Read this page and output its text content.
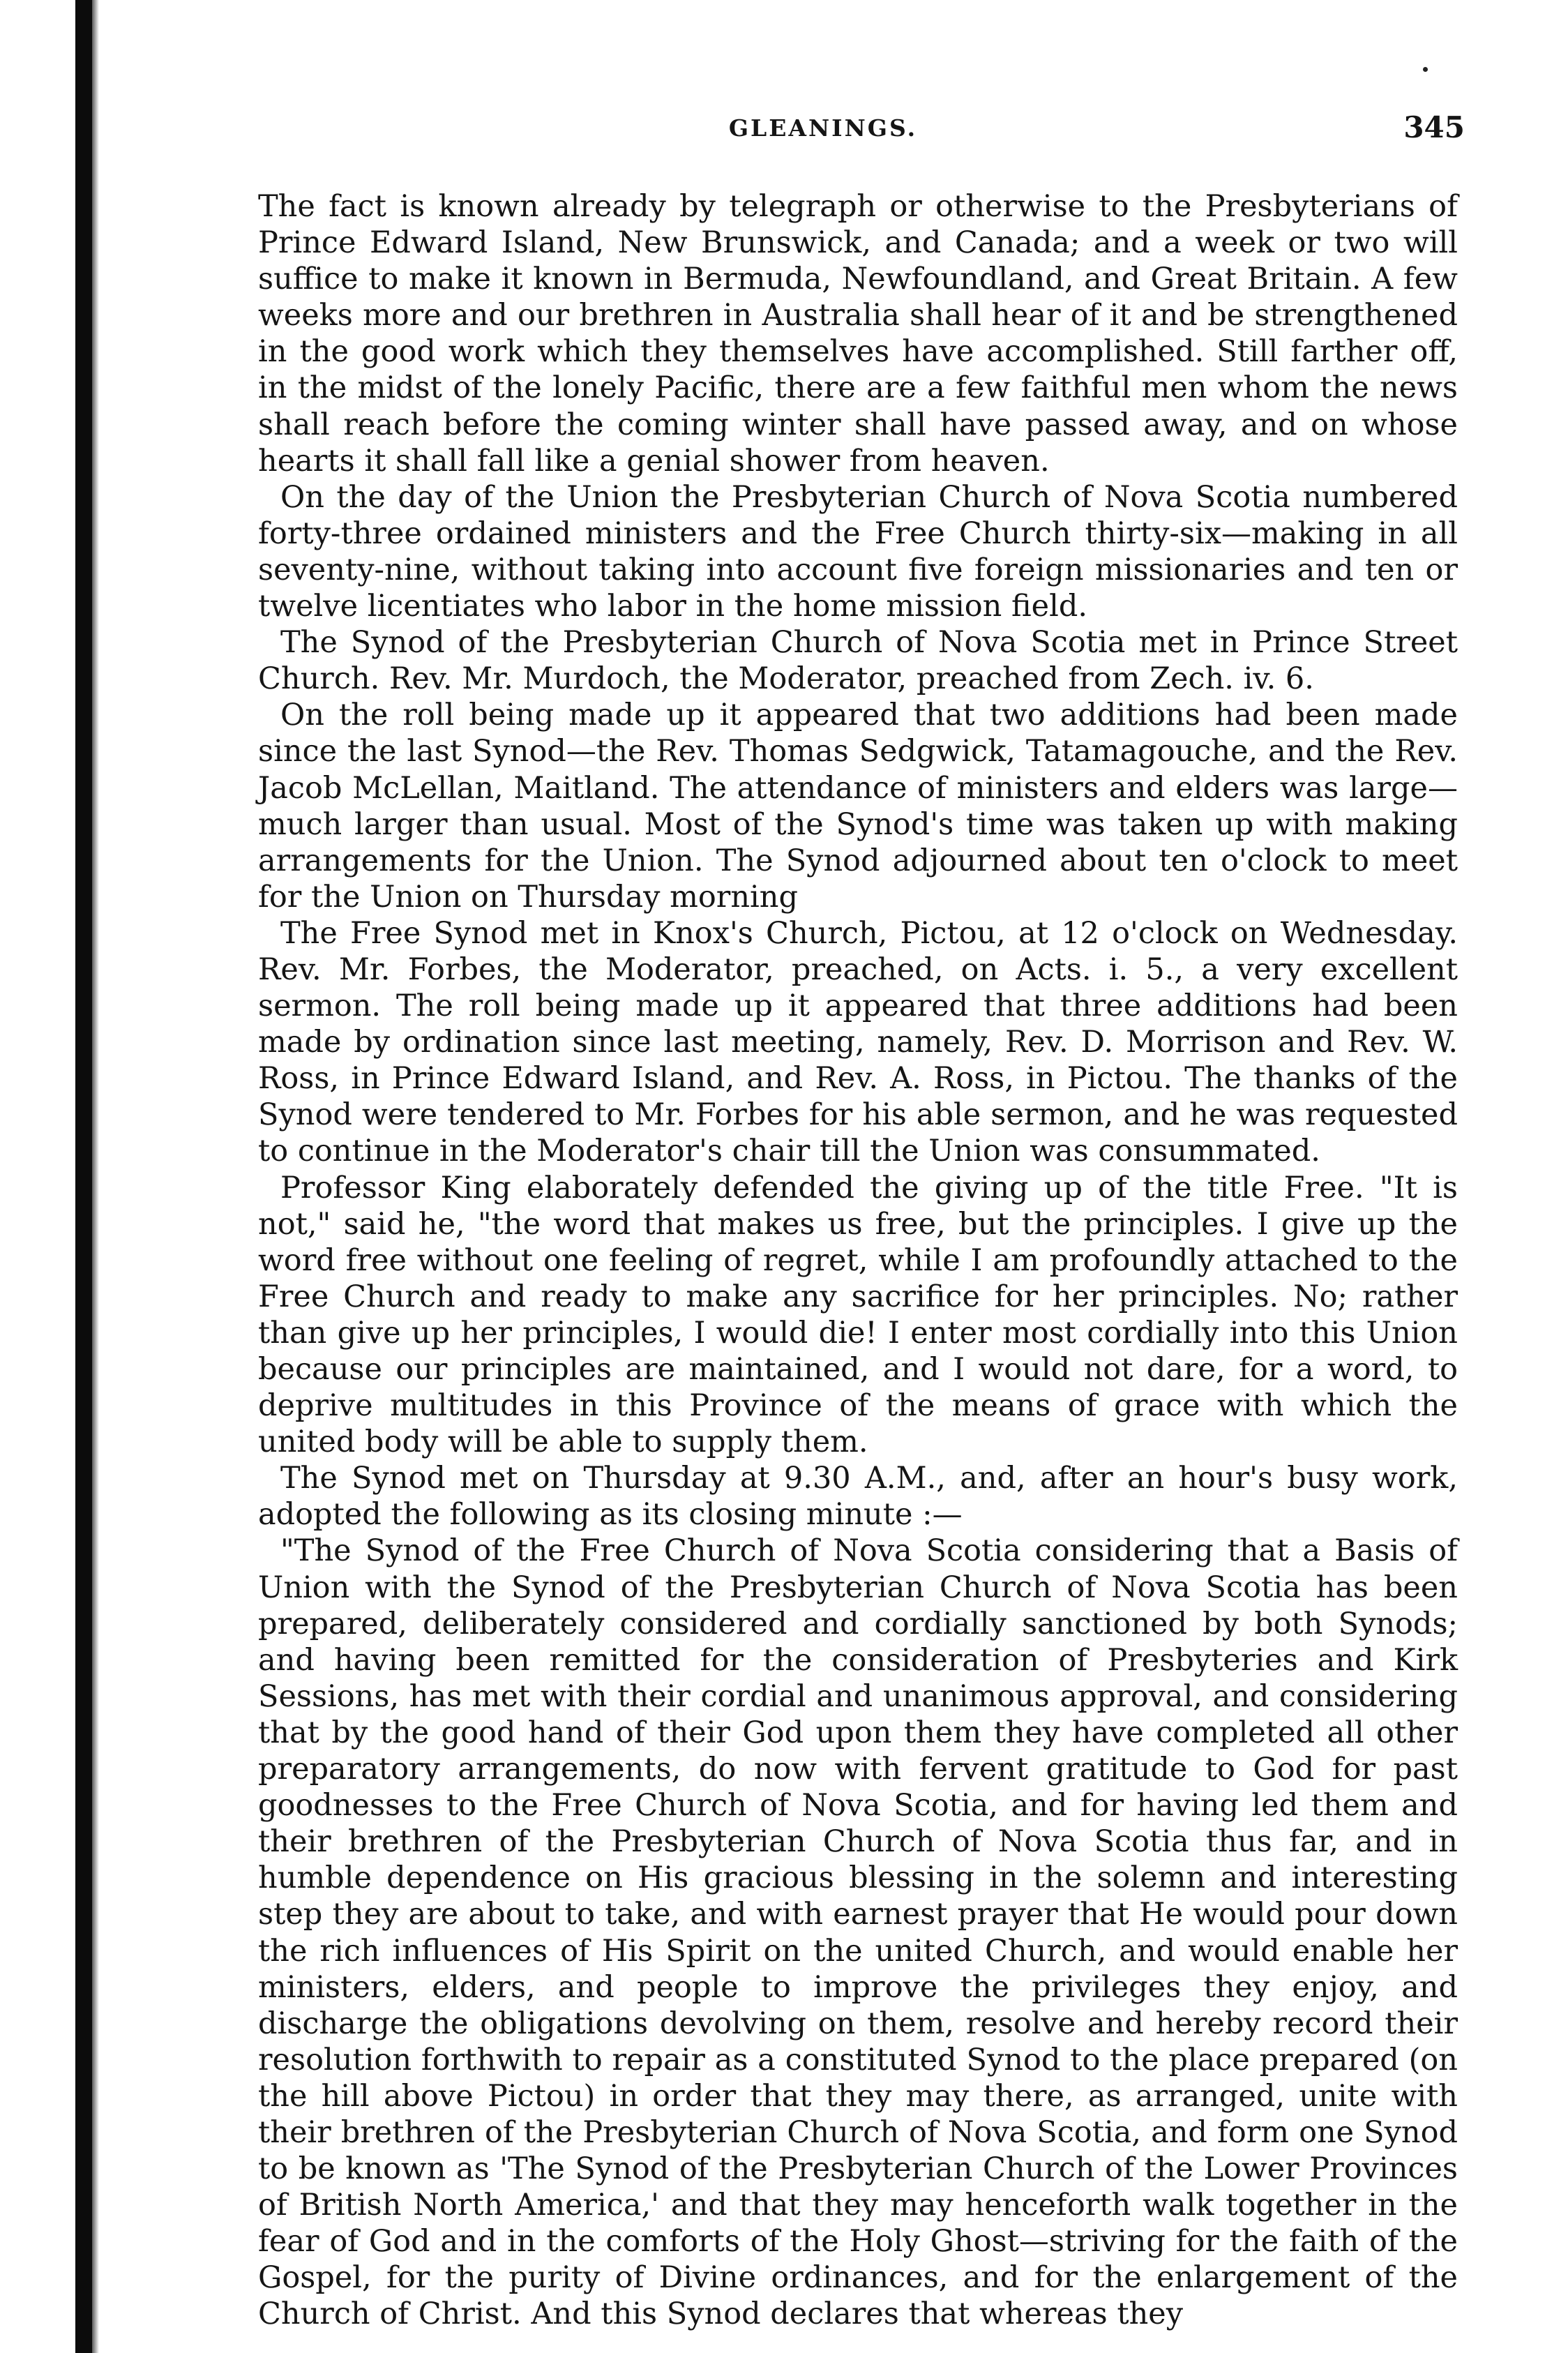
GLEANINGS.	345

The fact is known already by telegraph or otherwise to the Presbyterians of Prince Edward Island, New Brunswick, and Canada; and a week or two will suffice to make it known in Bermuda, Newfoundland, and Great Britain. A few weeks more and our brethren in Australia shall hear of it and be strengthened in the good work which they themselves have accomplished. Still farther off, in the midst of the lonely Pacific, there are a few faithful men whom the news shall reach before the coming winter shall have passed away, and on whose hearts it shall fall like a genial shower from heaven.

On the day of the Union the Presbyterian Church of Nova Scotia numbered forty-three ordained ministers and the Free Church thirty-six—making in all seventy-nine, without taking into account five foreign missionaries and ten or twelve licentiates who labor in the home mission field.

The Synod of the Presbyterian Church of Nova Scotia met in Prince Street Church. Rev. Mr. Murdoch, the Moderator, preached from Zech. iv. 6.

On the roll being made up it appeared that two additions had been made since the last Synod—the Rev. Thomas Sedgwick, Tatamagouche, and the Rev. Jacob McLellan, Maitland. The attendance of ministers and elders was large—much larger than usual. Most of the Synod's time was taken up with making arrangements for the Union. The Synod adjourned about ten o'clock to meet for the Union on Thursday morning

The Free Synod met in Knox's Church, Pictou, at 12 o'clock on Wednesday. Rev. Mr. Forbes, the Moderator, preached, on Acts. i. 5., a very excellent sermon. The roll being made up it appeared that three additions had been made by ordination since last meeting, namely, Rev. D. Morrison and Rev. W. Ross, in Prince Edward Island, and Rev. A. Ross, in Pictou. The thanks of the Synod were tendered to Mr. Forbes for his able sermon, and he was requested to continue in the Moderator's chair till the Union was consummated.

Professor King elaborately defended the giving up of the title Free. "It is not," said he, "the word that makes us free, but the principles. I give up the word free without one feeling of regret, while I am profoundly attached to the Free Church and ready to make any sacrifice for her principles. No; rather than give up her principles, I would die! I enter most cordially into this Union because our principles are maintained, and I would not dare, for a word, to deprive multitudes in this Province of the means of grace with which the united body will be able to supply them.

The Synod met on Thursday at 9.30 A.M., and, after an hour's busy work, adopted the following as its closing minute :—

"The Synod of the Free Church of Nova Scotia considering that a Basis of Union with the Synod of the Presbyterian Church of Nova Scotia has been prepared, deliberately considered and cordially sanctioned by both Synods; and having been remitted for the consideration of Presbyteries and Kirk Sessions, has met with their cordial and unanimous approval, and considering that by the good hand of their God upon them they have completed all other preparatory arrangements, do now with fervent gratitude to God for past goodnesses to the Free Church of Nova Scotia, and for having led them and their brethren of the Presbyterian Church of Nova Scotia thus far, and in humble dependence on His gracious blessing in the solemn and interesting step they are about to take, and with earnest prayer that He would pour down the rich influences of His Spirit on the united Church, and would enable her ministers, elders, and people to improve the privileges they enjoy, and discharge the obligations devolving on them, resolve and hereby record their resolution forthwith to repair as a constituted Synod to the place prepared (on the hill above Pictou) in order that they may there, as arranged, unite with their brethren of the Presbyterian Church of Nova Scotia, and form one Synod to be known as 'The Synod of the Presbyterian Church of the Lower Provinces of British North America,' and that they may henceforth walk together in the fear of God and in the comforts of the Holy Ghost—striving for the faith of the Gospel, for the purity of Divine ordinances, and for the enlargement of the Church of Christ. And this Synod declares that whereas they
